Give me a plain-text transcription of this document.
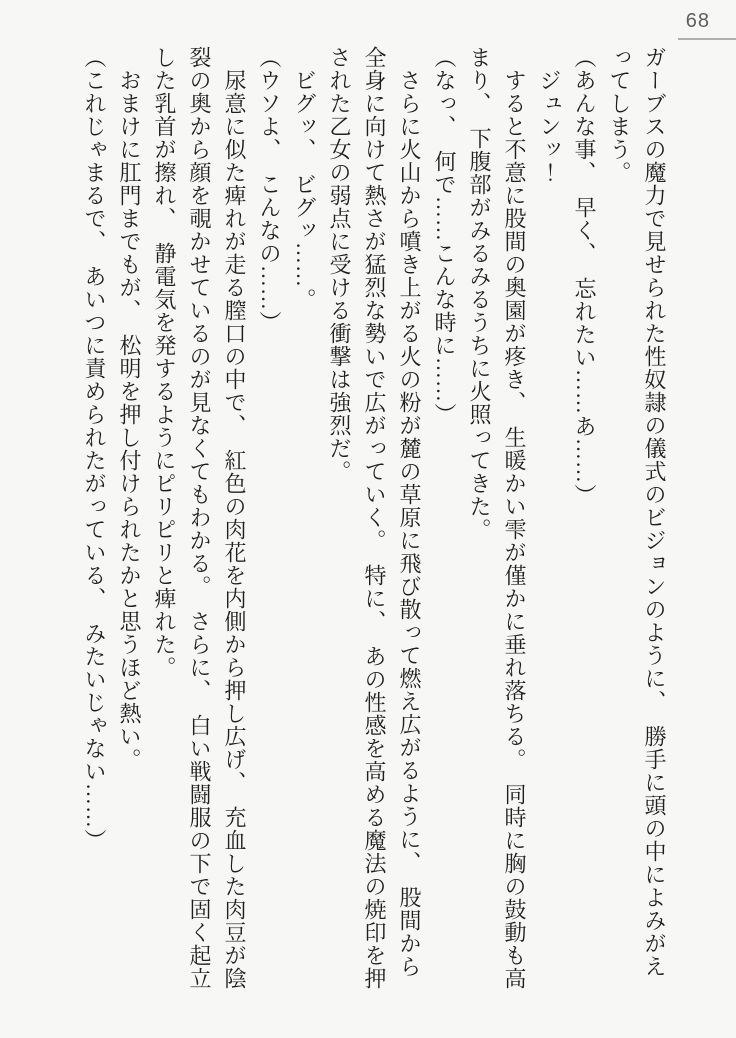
68

ガーブスの魔力で見せられた性奴隷の儀式のビジョンのように、　勝手に頭の中によみがえ

ってしまう。

（あんな事、　早く、　忘れたい……あ……）

　ジュンッ！

　すると不意に股間の奥園が疼き、　生暖かい雫が僅かに垂れ落ちる。　同時に胸の鼓動も高

まり、　下腹部がみるみるうちに火照ってきた。

（なっ、　何で……こんな時に……）

　さらに火山から噴き上がる火の粉が麓の草原に飛び散って燃え広がるように、　股間から

全身に向けて熱さが猛烈な勢いで広がっていく。　特に、　あの性感を高める魔法の焼印を押

された乙女の弱点に受ける衝撃は強烈だ。

　ビグッ、　ビグッ……。

（ウソよ、　こんなの……）

　尿意に似た痺れが走る膣口の中で、　紅色の肉花を内側から押し広げ、　充血した肉豆が陰

裂の奥から顔を覗かせているのが見なくてもわかる。　さらに、　白い戦闘服の下で固く起立

した乳首が擦れ、　静電気を発するようにピリピリと痺れた。

　おまけに肛門までもが、　松明を押し付けられたかと思うほど熱い。

（これじゃまるで、　あいつに責められたがっている、　みたいじゃない……）
